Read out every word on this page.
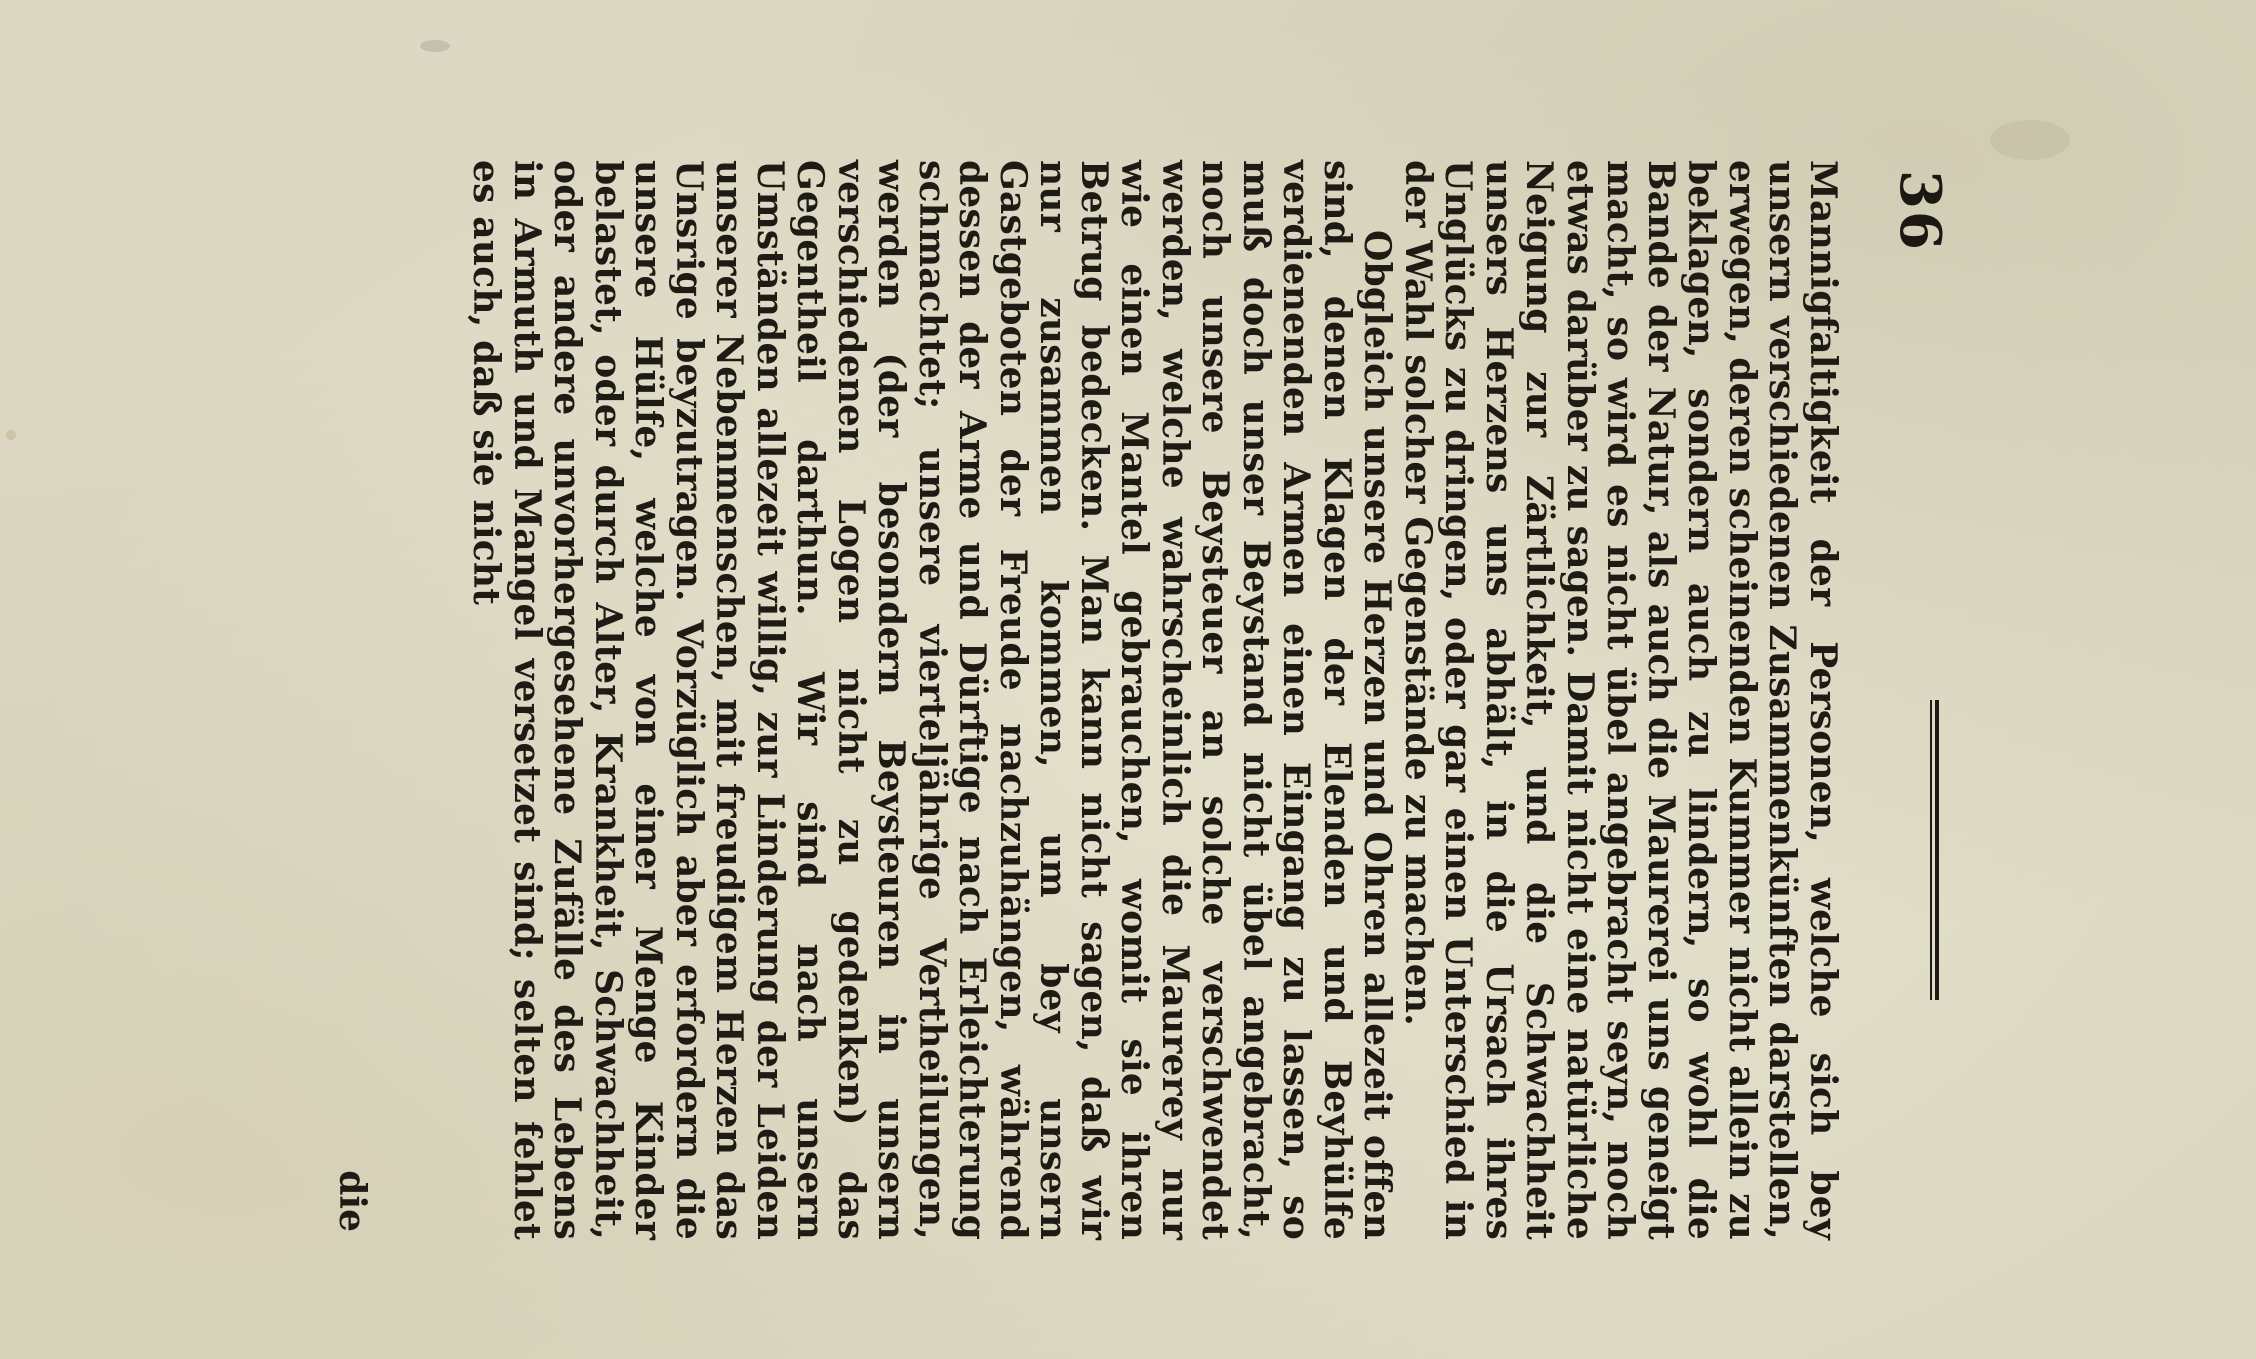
36

Mannigfaltigkeit der Personen, welche sich bey unsern verschiedenen Zusammenkünften darstellen, erwegen, deren scheinenden Kummer nicht allein zu beklagen, sondern auch zu lindern, so wohl die Bande der Natur, als auch die Maurerei uns geneigt macht, so wird es nicht übel angebracht seyn, noch etwas darüber zu sagen. Damit nicht eine natürliche Neigung zur Zärtlichkeit, und die Schwachheit unsers Herzens uns abhält, in die Ursach ihres Unglücks zu dringen, oder gar einen Unterschied in der Wahl solcher Gegenstände zu machen.

Obgleich unsere Herzen und Ohren allezeit offen sind, denen Klagen der Elenden und Beyhülfe verdienenden Armen einen Eingang zu lassen, so muß doch unser Beystand nicht übel angebracht, noch unsere Beysteuer an solche verschwendet werden, welche wahrscheinlich die Maurerey nur wie einen Mantel gebrauchen, womit sie ihren Betrug bedecken. Man kann nicht sagen, daß wir nur zusammen kommen, um bey unsern Gastgeboten der Freude nachzuhängen, während dessen der Arme und Dürftige nach Erleichterung schmachtet; unsere vierteljährige Vertheilungen, werden (der besondern Beysteuren in unsern verschiedenen Logen nicht zu gedenken) das Gegentheil darthun. Wir sind nach unsern Umständen allezeit willig, zur Linderung der Leiden unserer Nebenmenschen, mit freudigem Herzen das Unsrige beyzutragen. Vorzüglich aber erfordern die unsere Hülfe, welche von einer Menge Kinder belastet, oder durch Alter, Krankheit, Schwachheit, oder andere unvorhergesehene Zufälle des Lebens in Armuth und Mangel versetzet sind; selten fehlet es auch, daß sie nicht

die
